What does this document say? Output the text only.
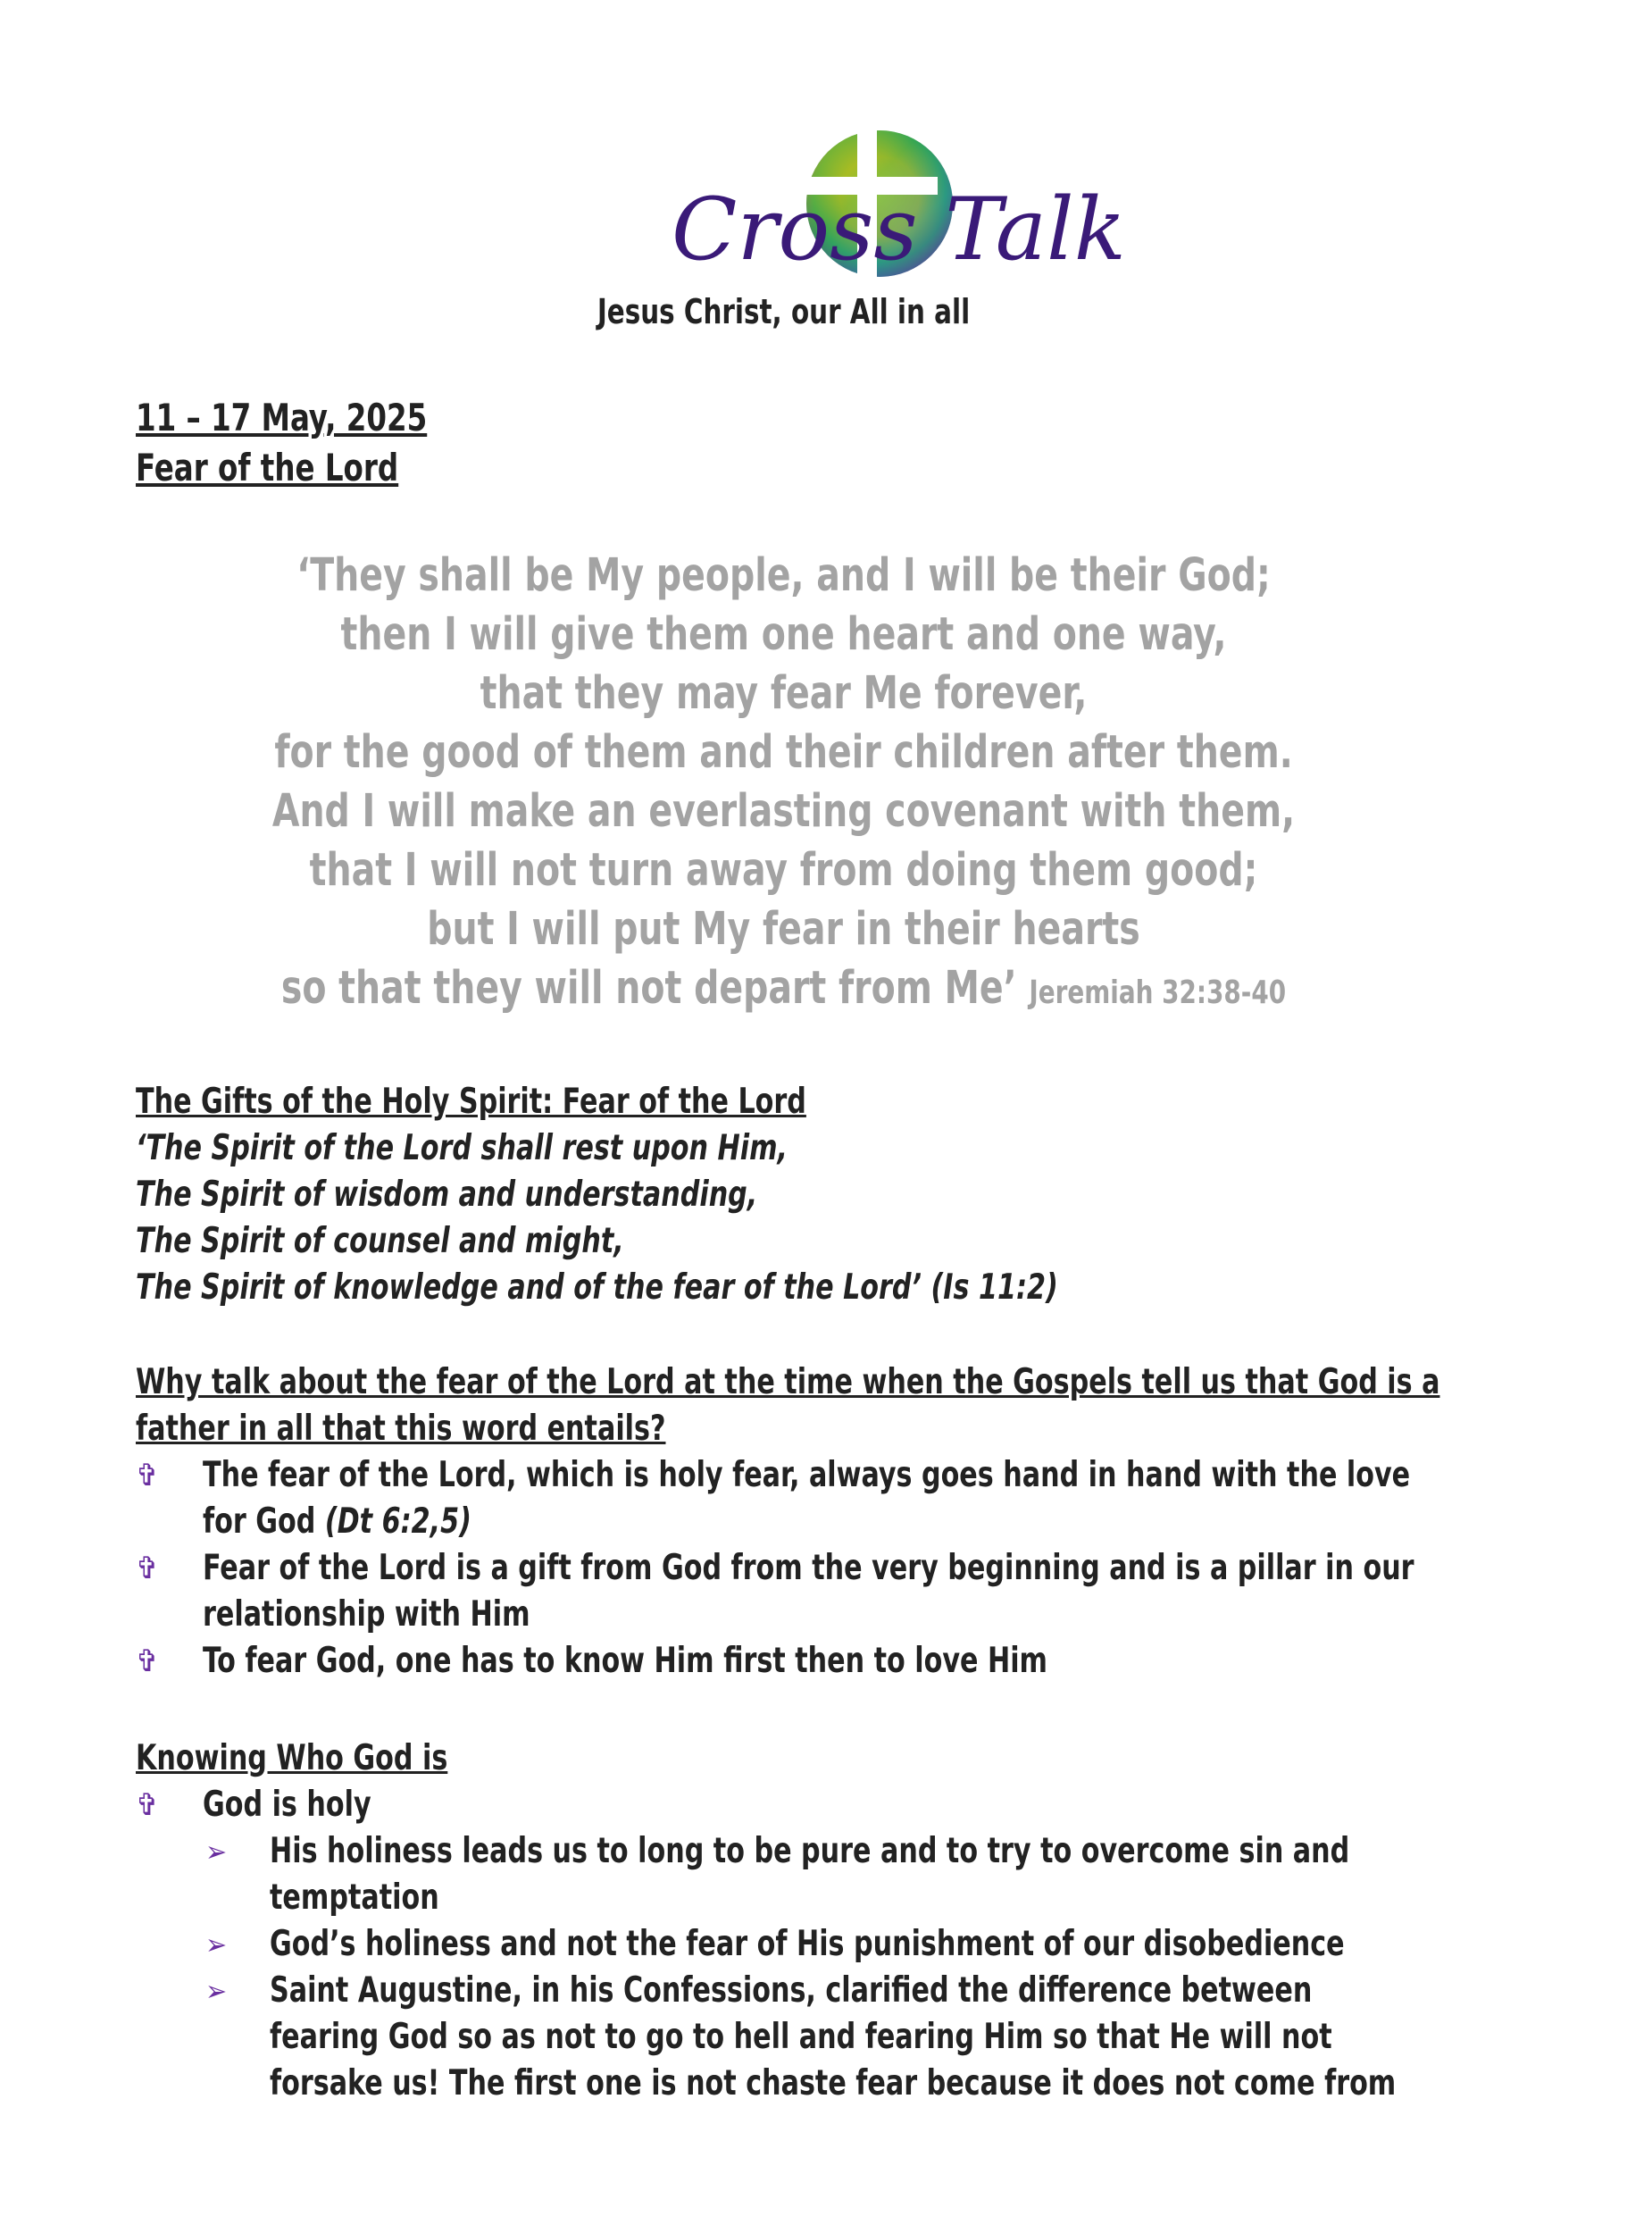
Cross Talk
Jesus Christ, our All in all
11 – 17 May, 2025
Fear of the Lord
‘They shall be My people, and I will be their God;
then I will give them one heart and one way,
that they may fear Me forever,
for the good of them and their children after them.
And I will make an everlasting covenant with them,
that I will not turn away from doing them good;
but I will put My fear in their hearts
so that they will not depart from Me’ Jeremiah 32:38-40
The Gifts of the Holy Spirit: Fear of the Lord
‘The Spirit of the Lord shall rest upon Him,
The Spirit of wisdom and understanding,
The Spirit of counsel and might,
The Spirit of knowledge and of the fear of the Lord’ (Is 11:2)
Why talk about the fear of the Lord at the time when the Gospels tell us that God is a
father in all that this word entails?
✞ The fear of the Lord, which is holy fear, always goes hand in hand with the love
for God (Dt 6:2,5)
✞ Fear of the Lord is a gift from God from the very beginning and is a pillar in our
relationship with Him
✞ To fear God, one has to know Him first then to love Him
Knowing Who God is
✞ God is holy
➢ His holiness leads us to long to be pure and to try to overcome sin and
temptation
➢ God’s holiness and not the fear of His punishment of our disobedience
➢ Saint Augustine, in his Confessions, clarified the difference between
fearing God so as not to go to hell and fearing Him so that He will not
forsake us! The first one is not chaste fear because it does not come from
